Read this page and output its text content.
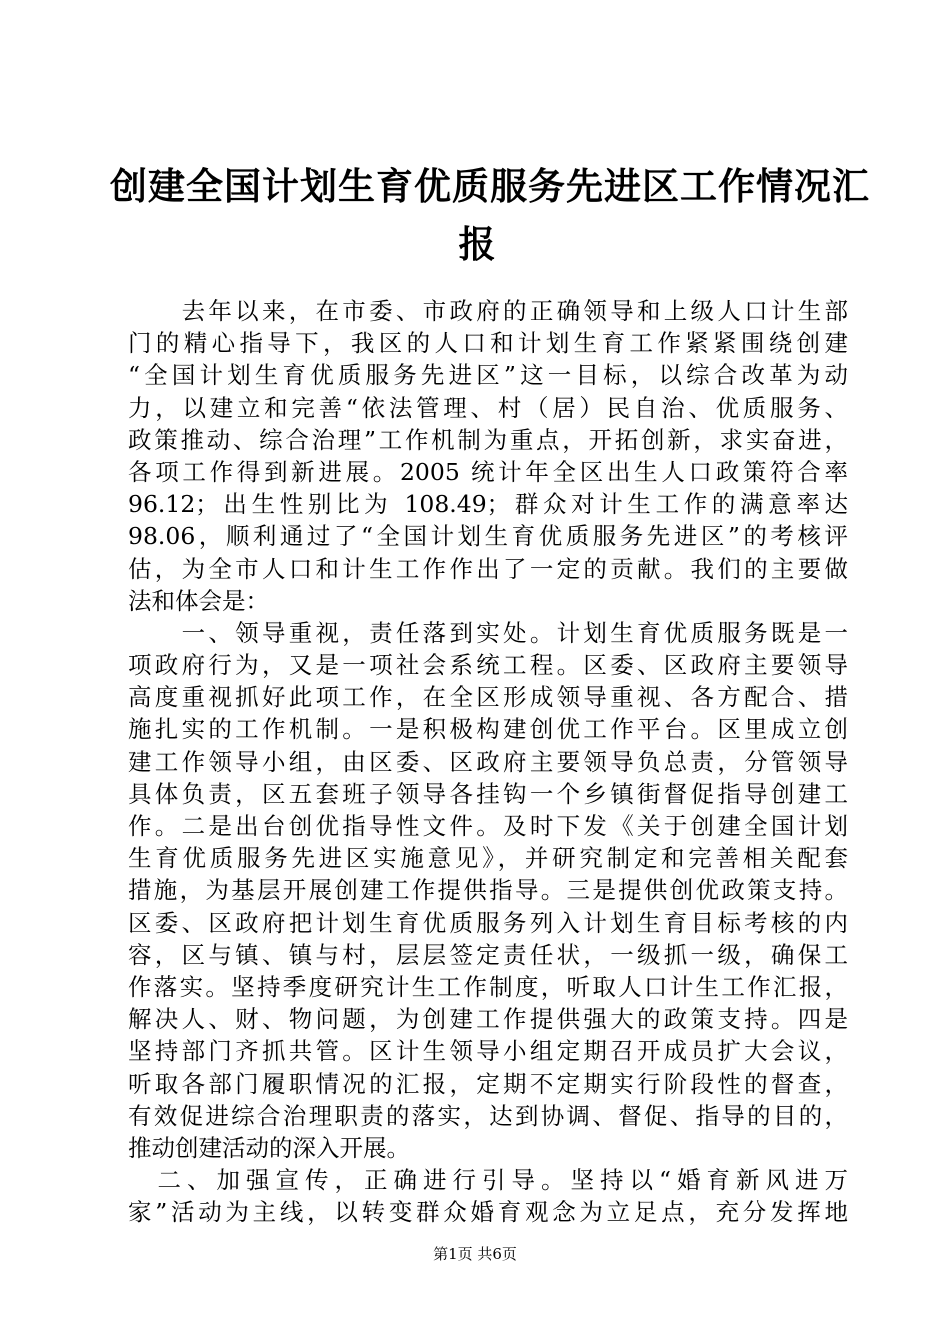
创建全国计划生育优质服务先进区工作情况汇
报
　　去年以来，在市委、市政府的正确领导和上级人口计生部
门的精心指导下，我区的人口和计划生育工作紧紧围绕创建
“全国计划生育优质服务先进区”这一目标，以综合改革为动
力，以建立和完善“依法管理、村（居）民自治、优质服务、
政策推动、综合治理”工作机制为重点，开拓创新，求实奋进，
各项工作得到新进展。2005 统计年全区出生人口政策符合率
96.12；出生性别比为 108.49；群众对计生工作的满意率达
98.06，顺利通过了“全国计划生育优质服务先进区”的考核评
估，为全市人口和计生工作作出了一定的贡献。我们的主要做
法和体会是：
　　一、领导重视，责任落到实处。计划生育优质服务既是一
项政府行为，又是一项社会系统工程。区委、区政府主要领导
高度重视抓好此项工作，在全区形成领导重视、各方配合、措
施扎实的工作机制。一是积极构建创优工作平台。区里成立创
建工作领导小组，由区委、区政府主要领导负总责，分管领导
具体负责，区五套班子领导各挂钩一个乡镇街督促指导创建工
作。二是出台创优指导性文件。及时下发《关于创建全国计划
生育优质服务先进区实施意见》，并研究制定和完善相关配套
措施，为基层开展创建工作提供指导。三是提供创优政策支持。
区委、区政府把计划生育优质服务列入计划生育目标考核的内
容，区与镇、镇与村，层层签定责任状，一级抓一级，确保工
作落实。坚持季度研究计生工作制度，听取人口计生工作汇报，
解决人、财、物问题，为创建工作提供强大的政策支持。四是
坚持部门齐抓共管。区计生领导小组定期召开成员扩大会议，
听取各部门履职情况的汇报，定期不定期实行阶段性的督查，
有效促进综合治理职责的落实，达到协调、督促、指导的目的，
推动创建活动的深入开展。
　二、加强宣传，正确进行引导。坚持以“婚育新风进万
家”活动为主线，以转变群众婚育观念为立足点，充分发挥地
第1页 共6页
